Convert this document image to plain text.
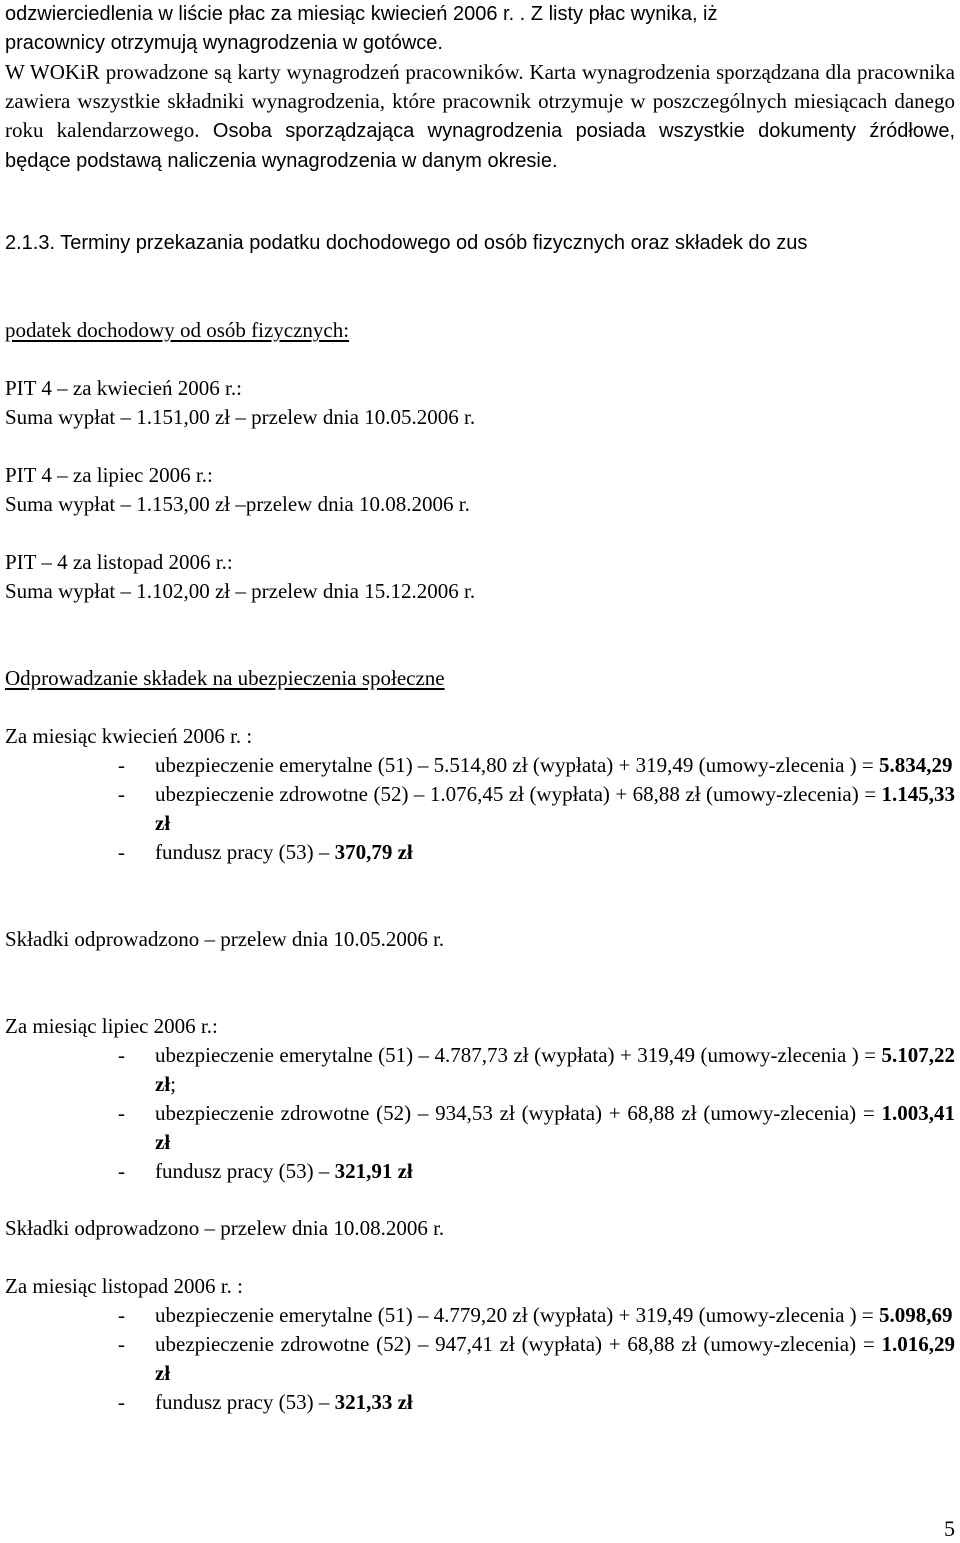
odzwierciedlenia w liście płac za miesiąc kwiecień 2006 r. . Z listy płac wynika, iż
pracownicy otrzymują wynagrodzenia w gotówce.

W WOKiR prowadzone są karty wynagrodzeń pracowników. Karta wynagrodzenia sporządzana dla pracownika zawiera wszystkie składniki wynagrodzenia, które pracownik otrzymuje w poszczególnych miesiącach danego roku kalendarzowego. Osoba sporządzająca wynagrodzenia posiada wszystkie dokumenty źródłowe, będące podstawą naliczenia wynagrodzenia w danym okresie.

2.1.3. Terminy przekazania podatku dochodowego od osób fizycznych oraz składek do zus

podatek dochodowy od osób fizycznych:

PIT 4 – za kwiecień 2006 r.:

Suma wypłat – 1.151,00 zł – przelew dnia 10.05.2006 r.

PIT 4 – za lipiec 2006 r.:

Suma wypłat – 1.153,00 zł –przelew dnia 10.08.2006 r.

PIT – 4 za listopad 2006 r.:

Suma wypłat – 1.102,00 zł – przelew dnia 15.12.2006 r.

Odprowadzanie składek na ubezpieczenia społeczne

Za miesiąc kwiecień 2006 r. :

- ubezpieczenie emerytalne (51) – 5.514,80 zł (wypłata) + 319,49 (umowy-zlecenia ) = 5.834,29
- ubezpieczenie zdrowotne (52) – 1.076,45 zł (wypłata) + 68,88 zł (umowy-zlecenia) = 1.145,33 zł
- fundusz pracy (53) – 370,79 zł

Składki odprowadzono – przelew dnia 10.05.2006 r.

Za miesiąc lipiec 2006 r.:

- ubezpieczenie emerytalne (51) – 4.787,73 zł (wypłata) + 319,49 (umowy-zlecenia ) = 5.107,22 zł;
- ubezpieczenie zdrowotne (52) – 934,53 zł (wypłata) + 68,88 zł (umowy-zlecenia) = 1.003,41 zł
- fundusz pracy (53) – 321,91 zł

Składki odprowadzono – przelew dnia 10.08.2006 r.

Za miesiąc listopad 2006 r. :

- ubezpieczenie emerytalne (51) – 4.779,20 zł (wypłata) + 319,49 (umowy-zlecenia ) = 5.098,69
- ubezpieczenie zdrowotne (52) – 947,41 zł (wypłata) + 68,88 zł (umowy-zlecenia) = 1.016,29 zł
- fundusz pracy (53) – 321,33 zł
5
